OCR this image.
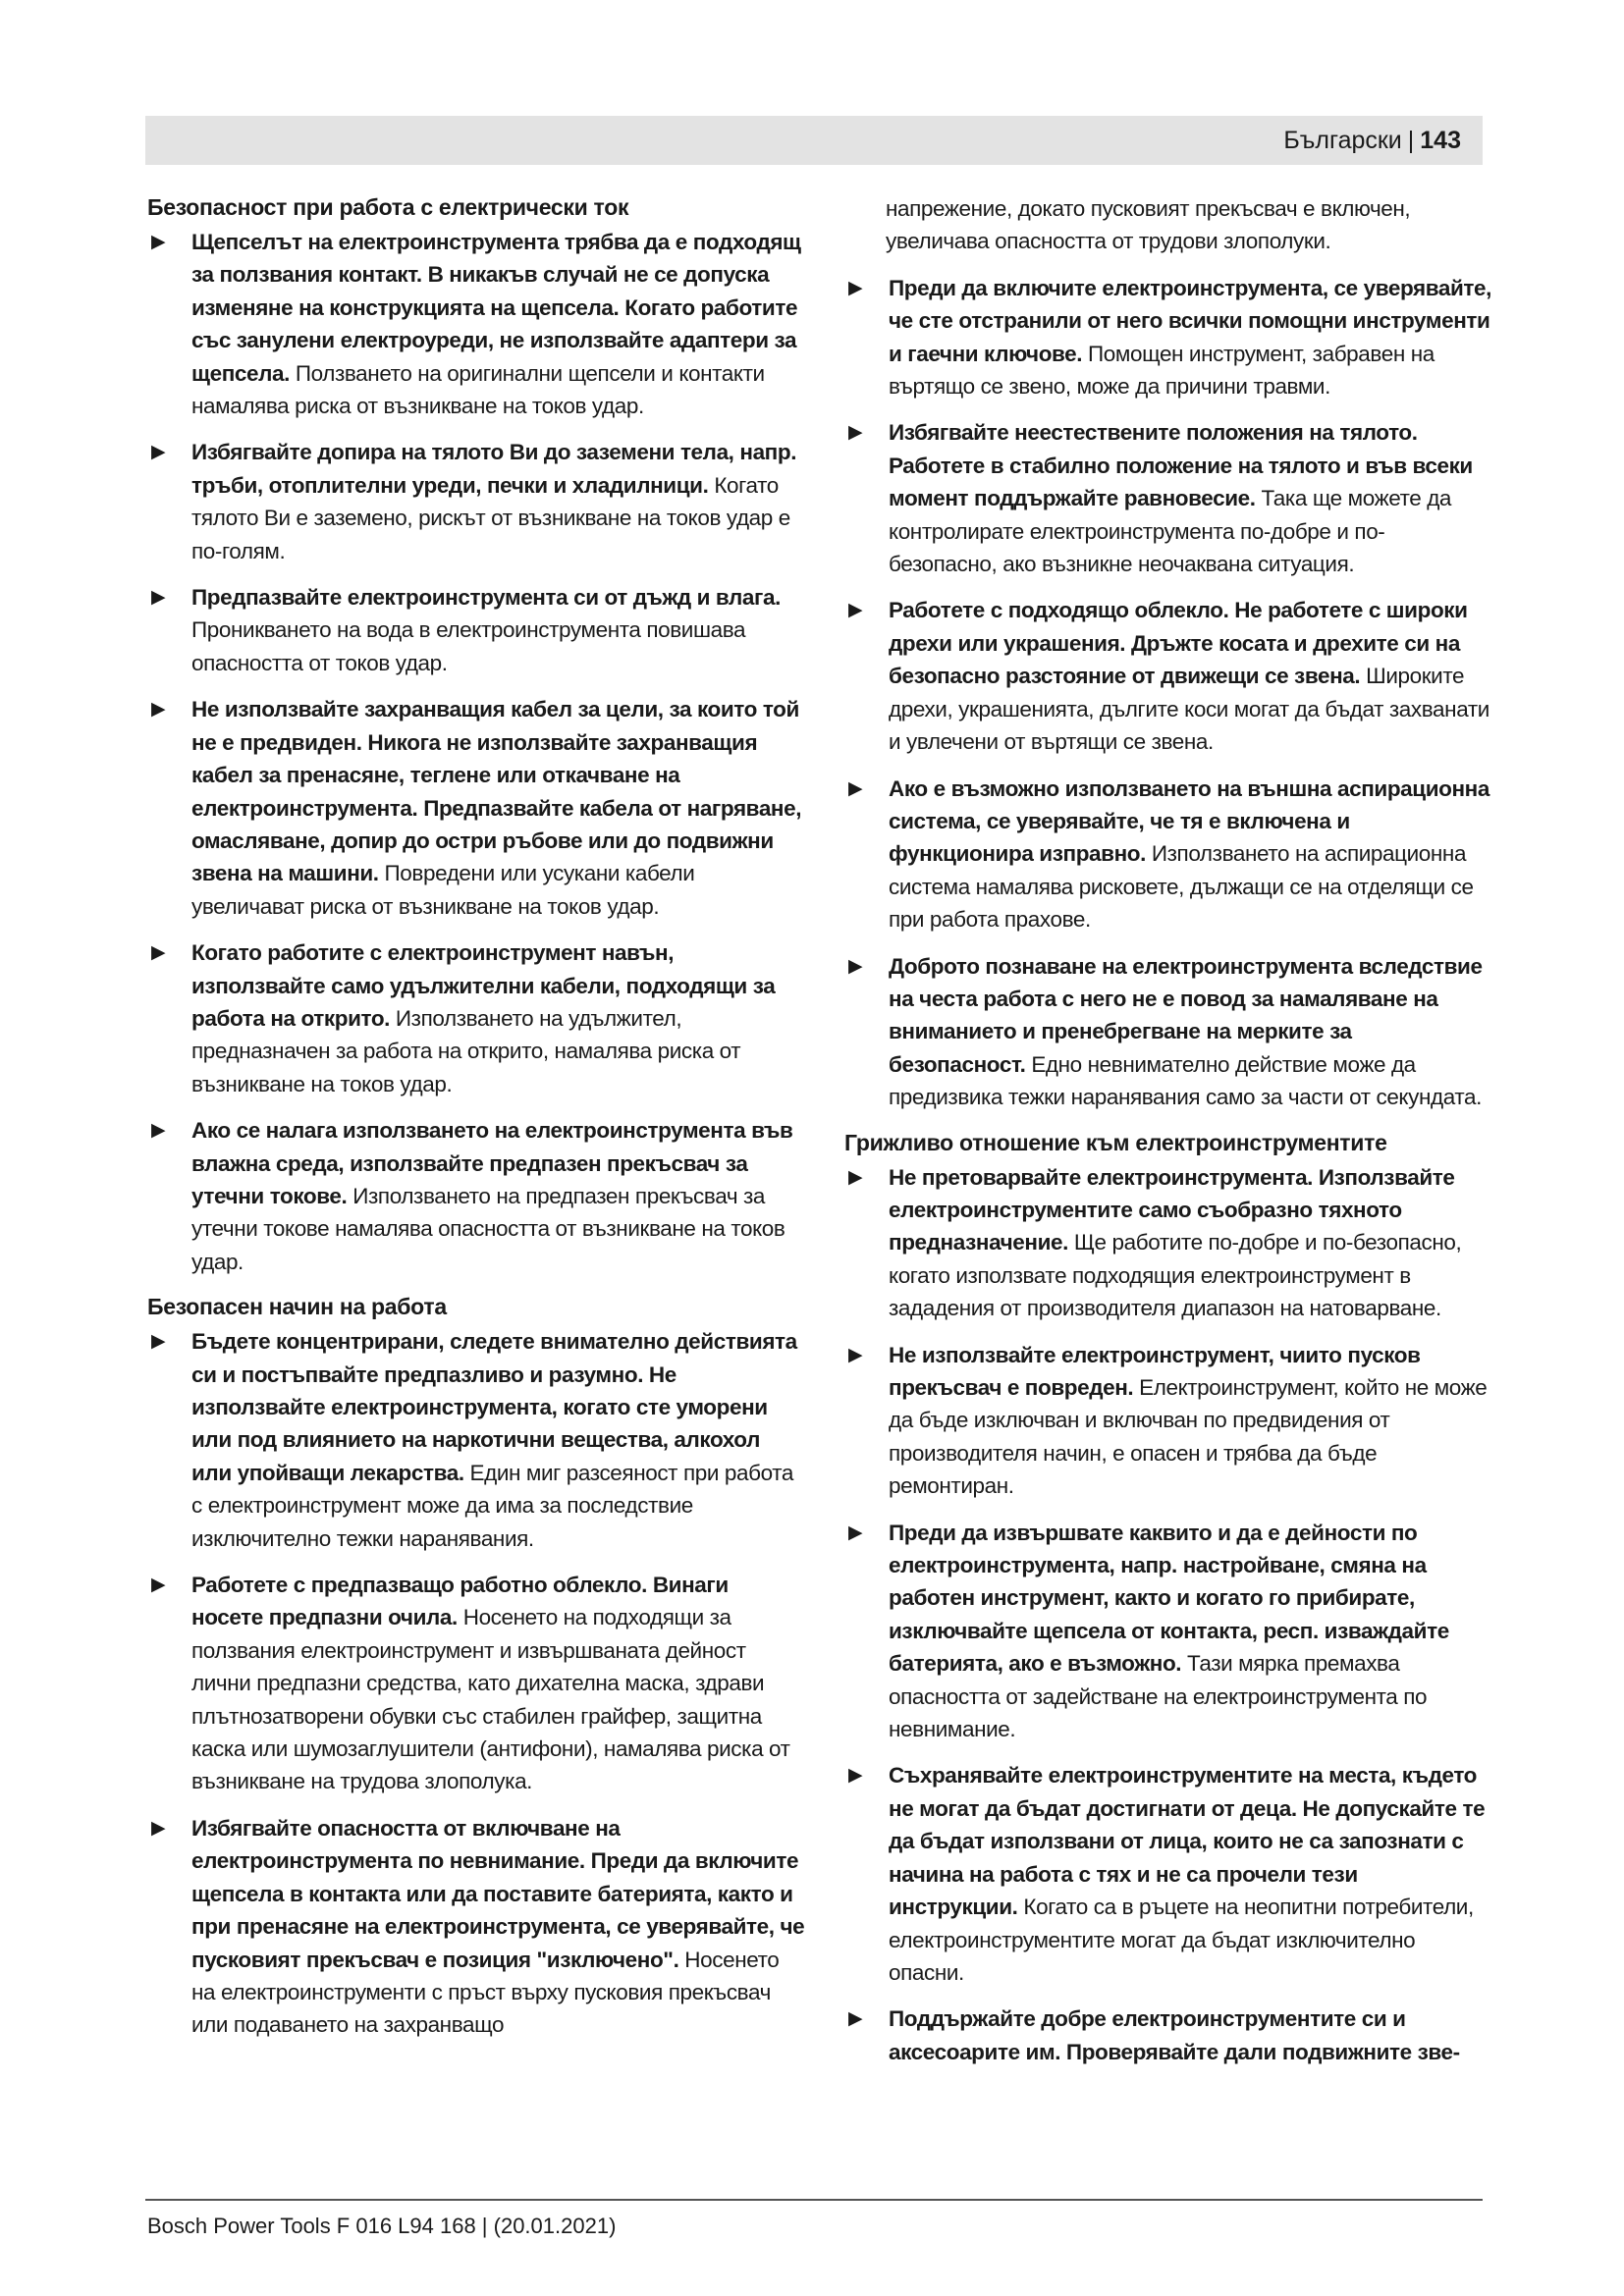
Български | 143
Безопасност при работа с електрически ток
▶ Щепселът на електроинструмента трябва да е подходящ за ползвания контакт. В никакъв случай не се допуска изменяне на конструкцията на щепсела. Когато работите със занулени електроуреди, не използвайте адаптери за щепсела. Ползването на оригинални щепсели и контакти намалява риска от възникване на токов удар.
▶ Избягвайте допира на тялото Ви до заземени тела, напр. тръби, отоплителни уреди, печки и хладилници. Когато тялото Ви е заземено, рискът от възникване на токов удар е по-голям.
▶ Предпазвайте електроинструмента си от дъжд и влага. Проникването на вода в електроинструмента повишава опасността от токов удар.
▶ Не използвайте захранващия кабел за цели, за които той не е предвиден. Никога не използвайте захранващия кабел за пренасяне, теглене или откачване на електроинструмента. Предпазвайте кабела от нагряване, омасляване, допир до остри ръбове или до подвижни звена на машини. Повредени или усукани кабели увеличават риска от възникване на токов удар.
▶ Когато работите с електроинструмент навън, използвайте само удължителни кабели, подходящи за работа на открито. Използването на удължител, предназначен за работа на открито, намалява риска от възникване на токов удар.
▶ Ако се налага използването на електроинструмента във влажна среда, използвайте предпазен прекъсвач за утечни токове. Използването на предпазен прекъсвач за утечни токове намалява опасността от възникване на токов удар.
Безопасен начин на работа
▶ Бъдете концентрирани, следете внимателно действията си и постъпвайте предпазливо и разумно. Не използвайте електроинструмента, когато сте уморени или под влиянието на наркотични вещества, алкохол или упойващи лекарства. Един миг разсеяност при работа с електроинструмент може да има за последствие изключително тежки наранявания.
▶ Работете с предпазващо работно облекло. Винаги носете предпазни очила. Носенето на подходящи за ползвания електроинструмент и извършваната дейност лични предпазни средства, като дихателна маска, здрави плътнозатворени обувки със стабилен грайфер, защитна каска или шумозаглушители (антифони), намалява риска от възникване на трудова злополука.
▶ Избягвайте опасността от включване на електроинструмента по невнимание. Преди да включите щепсела в контакта или да поставите батерията, както и при пренасяне на електроинструмента, се уверявайте, че пусковият прекъсвач е позиция "изключено". Носенето на електроинструменти с пръст върху пусковия прекъсвач или подаването на захранващо
напрежение, докато пусковият прекъсвач е включен, увеличава опасността от трудови злополуки.
▶ Преди да включите електроинструмента, се уверявайте, че сте отстранили от него всички помощни инструменти и гаечни ключове. Помощен инструмент, забравен на въртящо се звено, може да причини травми.
▶ Избягвайте неестествените положения на тялото. Работете в стабилно положение на тялото и във всеки момент поддържайте равновесие. Така ще можете да контролирате електроинструмента по-добре и по-безопасно, ако възникне неочаквана ситуация.
▶ Работете с подходящо облекло. Не работете с широки дрехи или украшения. Дръжте косата и дрехите си на безопасно разстояние от движещи се звена. Широките дрехи, украшенията, дългите коси могат да бъдат захванати и увлечени от въртящи се звена.
▶ Ако е възможно използването на външна аспирационна система, се уверявайте, че тя е включена и функционира изправно. Използването на аспирационна система намалява рисковете, дължащи се на отделящи се при работа прахове.
▶ Доброто познаване на електроинструмента вследствие на честа работа с него не е повод за намаляване на вниманието и пренебрегване на мерките за безопасност. Едно невнимателно действие може да предизвика тежки наранявания само за части от секундата.
Грижливо отношение към електроинструментите
▶ Не претоварвайте електроинструмента. Използвайте електроинструментите само съобразно тяхното предназначение. Ще работите по-добре и по-безопасно, когато използвате подходящия електроинструмент в зададения от производителя диапазон на натоварване.
▶ Не използвайте електроинструмент, чиито пусков прекъсвач е повреден. Електроинструмент, който не може да бъде изключван и включван по предвидения от производителя начин, е опасен и трябва да бъде ремонтиран.
▶ Преди да извършвате каквито и да е дейности по електроинструмента, напр. настройване, смяна на работен инструмент, както и когато го прибирате, изключвайте щепсела от контакта, респ. изваждайте батерията, ако е възможно. Тази мярка премахва опасността от задействане на електроинструмента по невнимание.
▶ Съхранявайте електроинструментите на места, където не могат да бъдат достигнати от деца. Не допускайте те да бъдат използвани от лица, които не са запознати с начина на работа с тях и не са прочели тези инструкции. Когато са в ръцете на неопитни потребители, електроинструментите могат да бъдат изключително опасни.
▶ Поддържайте добре електроинструментите си и аксесоарите им. Проверявайте дали подвижните зве-
Bosch Power Tools F 016 L94 168 | (20.01.2021)
